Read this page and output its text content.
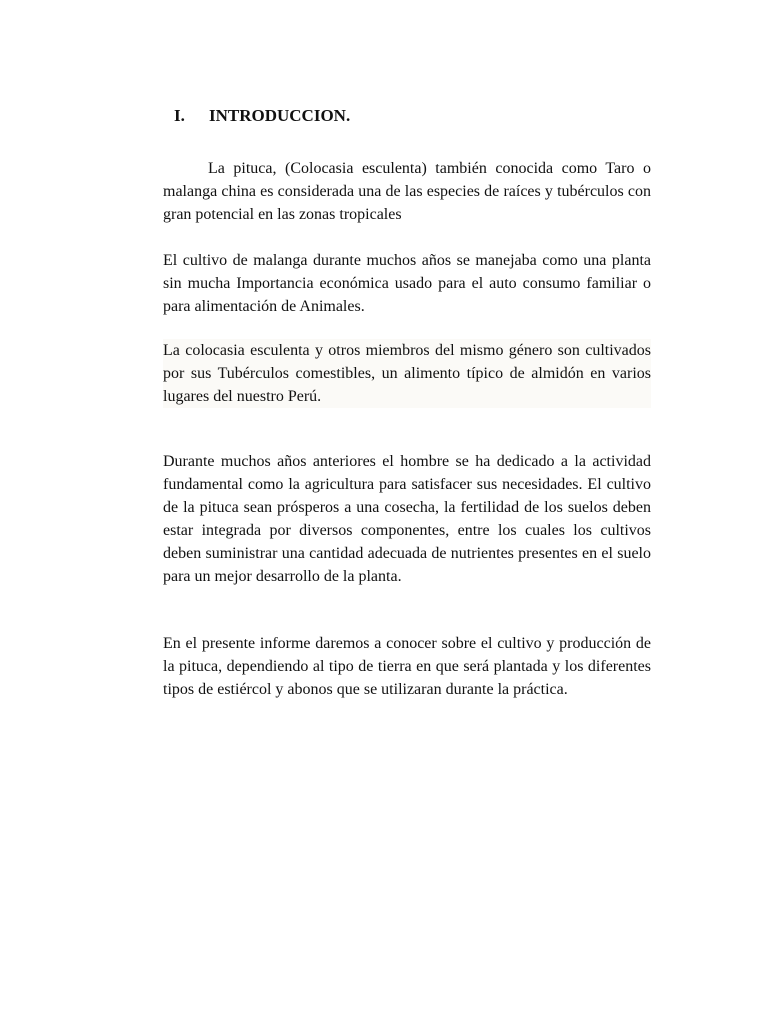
I. INTRODUCCION.

La pituca, (Colocasia esculenta) también conocida como Taro o malanga china es considerada una de las especies de raíces y tubérculos con gran potencial en las zonas tropicales

El cultivo de malanga durante muchos años se manejaba como una planta sin mucha Importancia económica usado para el auto consumo familiar o para alimentación de Animales.

La colocasia esculenta y otros miembros del mismo género son cultivados por sus Tubérculos comestibles, un alimento típico de almidón en varios lugares del nuestro Perú.

Durante muchos años anteriores el hombre se ha dedicado a la actividad fundamental como la agricultura para satisfacer sus necesidades. El cultivo de la pituca sean prósperos a una cosecha, la fertilidad de los suelos deben estar integrada por diversos componentes, entre los cuales los cultivos deben suministrar una cantidad adecuada de nutrientes presentes en el suelo para un mejor desarrollo de la planta.

En el presente informe daremos a conocer sobre el cultivo y producción de la pituca, dependiendo al tipo de tierra en que será plantada y los diferentes tipos de estiércol y abonos que se utilizaran durante la práctica.
